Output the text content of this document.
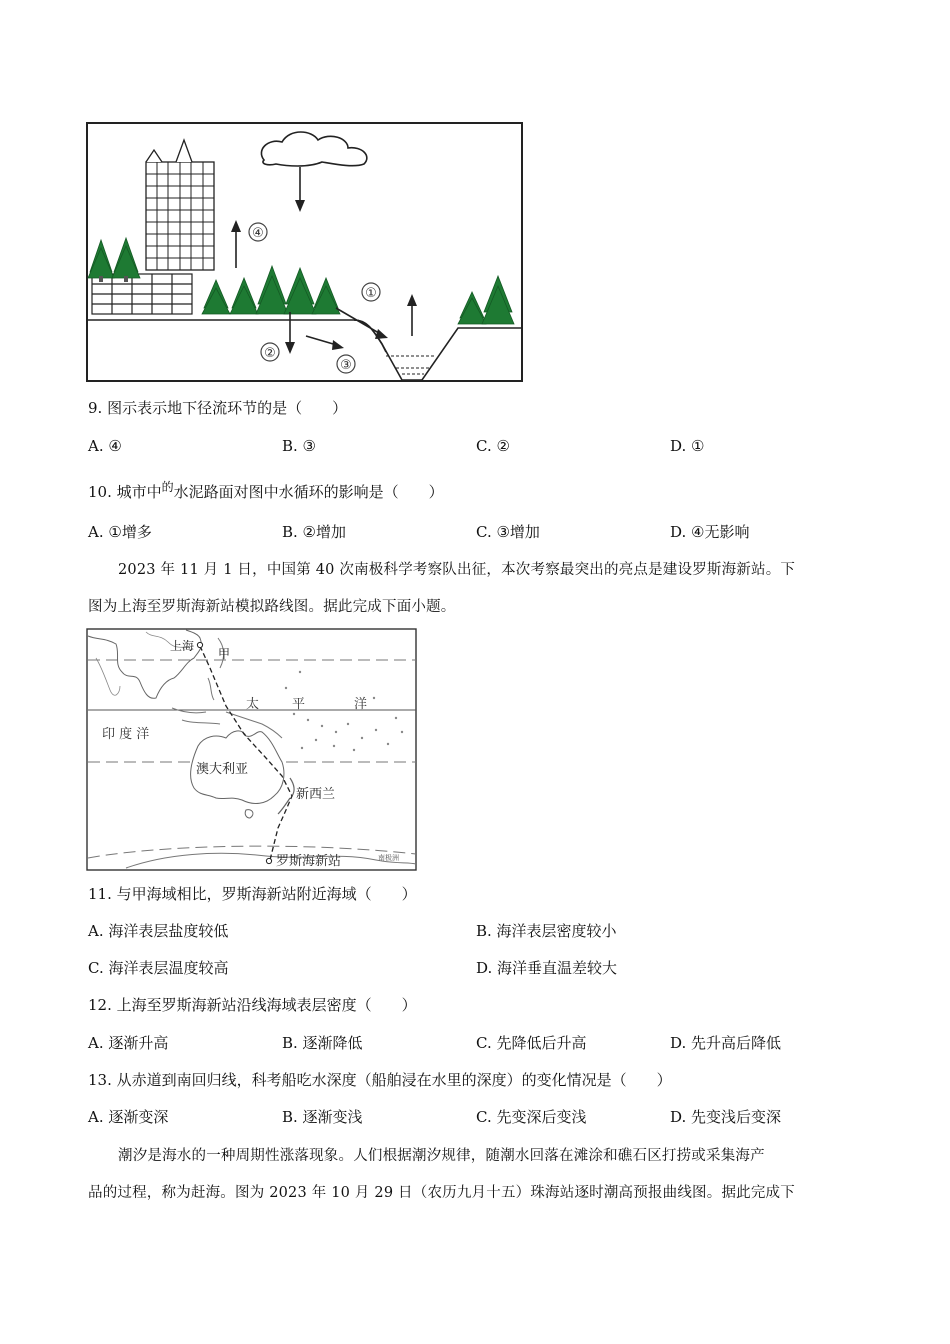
④
①
②
③
9. 图示表示地下径流环节的是（　　）
A. ④	B. ③	C. ②	D. ①
10. 城市中$^的$水泥路面对图中水循环的影响是（　　）
A. ①增多	B. ②增加	C. ③增加	D. ④无影响
2023 年 11 月 1 日，中国第 40 次南极科学考察队出征，本次考察最突出的亮点是建设罗斯海新站。下
图为上海至罗斯海新站模拟路线图。据此完成下面小题。
上海
甲
太	平	洋
印 度 洋
澳大利亚
新西兰
罗斯海新站	南极洲
11. 与甲海域相比，罗斯海新站附近海域（　　）
A. 海洋表层盐度较低	B. 海洋表层密度较小
C. 海洋表层温度较高	D. 海洋垂直温差较大
12. 上海至罗斯海新站沿线海域表层密度（　　）
A. 逐渐升高	B. 逐渐降低	C. 先降低后升高	D. 先升高后降低
13. 从赤道到南回归线，科考船吃水深度（船舶浸在水里的深度）的变化情况是（　　）
A. 逐渐变深	B. 逐渐变浅	C. 先变深后变浅	D. 先变浅后变深
潮汐是海水的一种周期性涨落现象。人们根据潮汐规律，随潮水回落在滩涂和礁石区打捞或采集海产
品的过程，称为赶海。图为 2023 年 10 月 29 日（农历九月十五）珠海站逐时潮高预报曲线图。据此完成下
